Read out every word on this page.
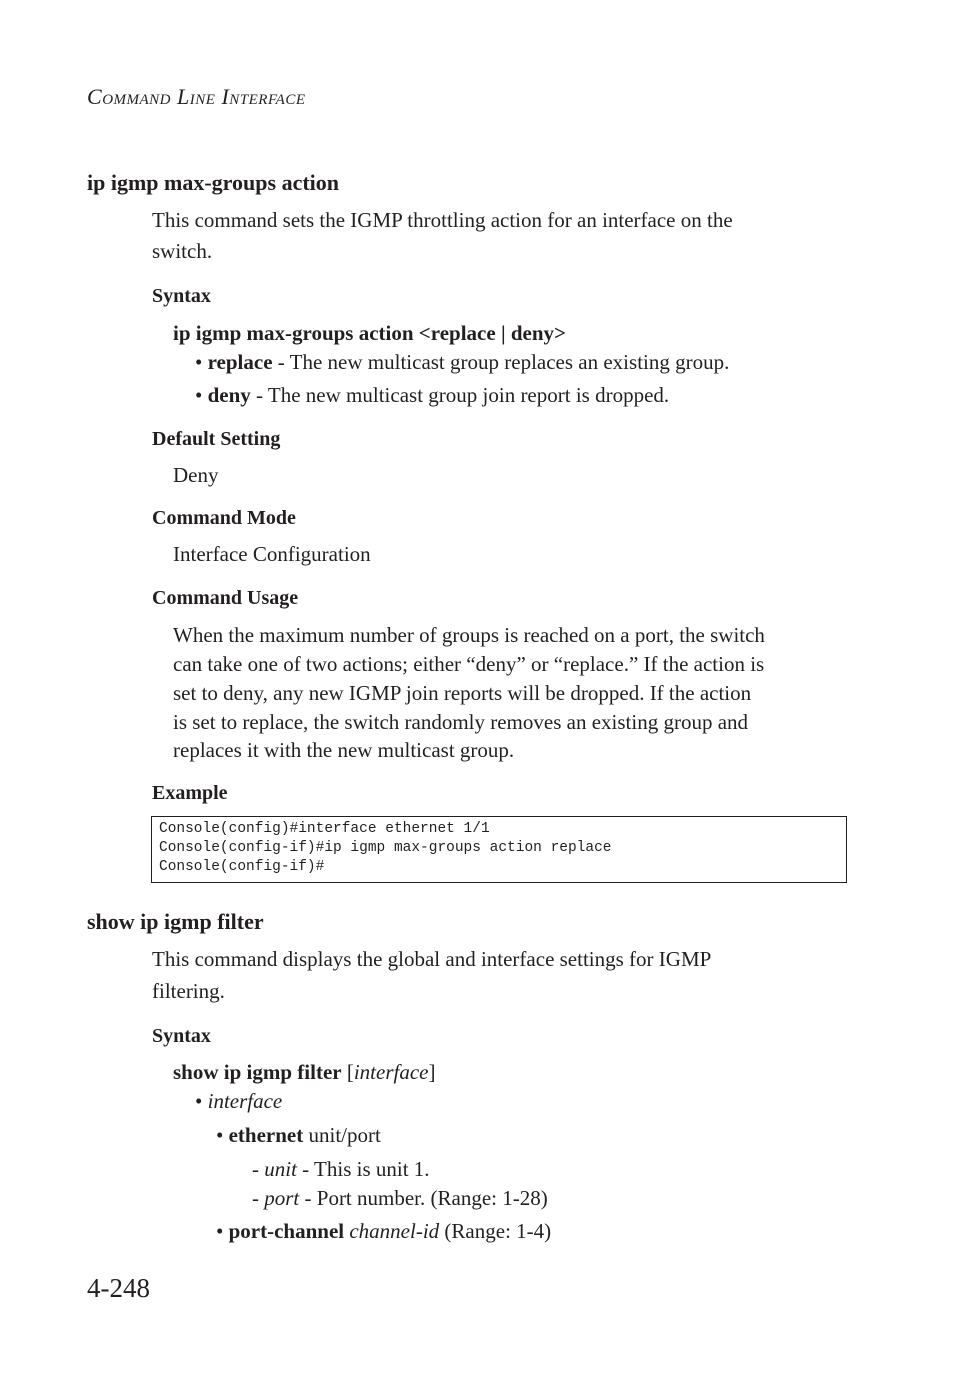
COMMAND LINE INTERFACE
ip igmp max-groups action
This command sets the IGMP throttling action for an interface on the
switch.
Syntax
ip igmp max-groups action <replace | deny>
• replace - The new multicast group replaces an existing group.
• deny - The new multicast group join report is dropped.
Default Setting
Deny
Command Mode
Interface Configuration
Command Usage
When the maximum number of groups is reached on a port, the switch
can take one of two actions; either “deny” or “replace.” If the action is
set to deny, any new IGMP join reports will be dropped. If the action
is set to replace, the switch randomly removes an existing group and
replaces it with the new multicast group.
Example
Console(config)#interface ethernet 1/1
Console(config-if)#ip igmp max-groups action replace
Console(config-if)#
show ip igmp filter
This command displays the global and interface settings for IGMP
filtering.
Syntax
show ip igmp filter [interface]
• interface
• ethernet unit/port
- unit - This is unit 1.
- port - Port number. (Range: 1-28)
• port-channel channel-id (Range: 1-4)
4-248
